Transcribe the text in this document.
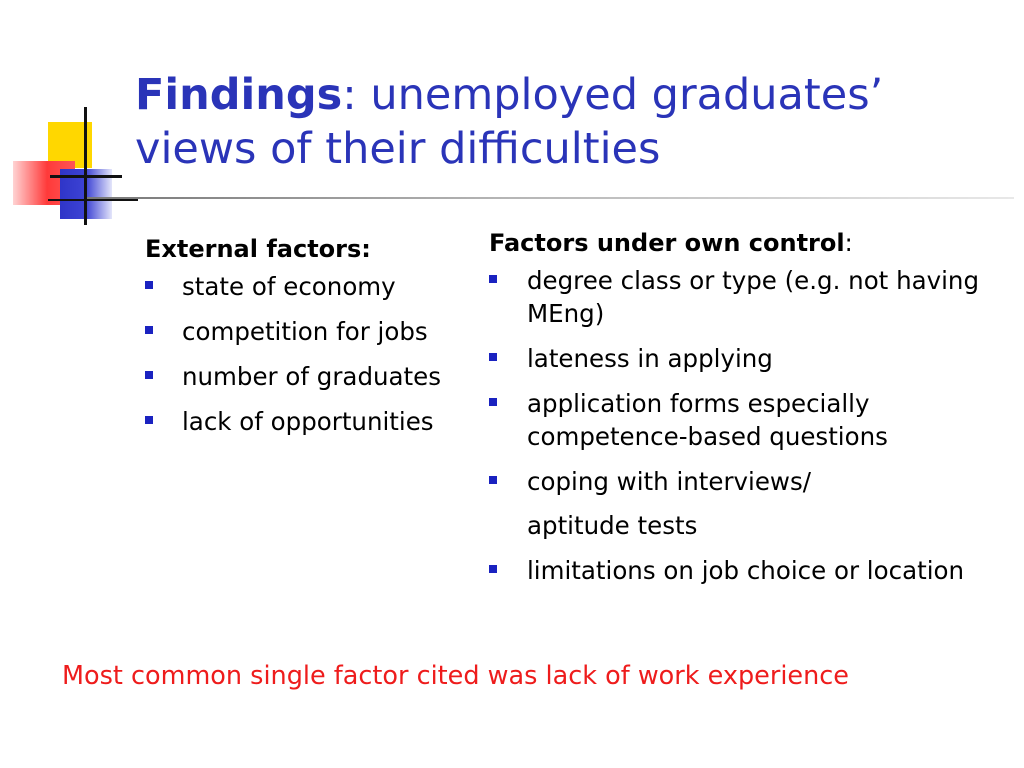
Findings: unemployed graduates’ views of their difficulties
External factors:
state of economy
competition for jobs
number of graduates
lack of opportunities
Factors under own control:
degree class or type (e.g. not having MEng)
lateness in applying
application forms especially competence-based questions
coping with interviews/
aptitude tests
limitations on job choice or location
Most common single factor cited was lack of work experience
